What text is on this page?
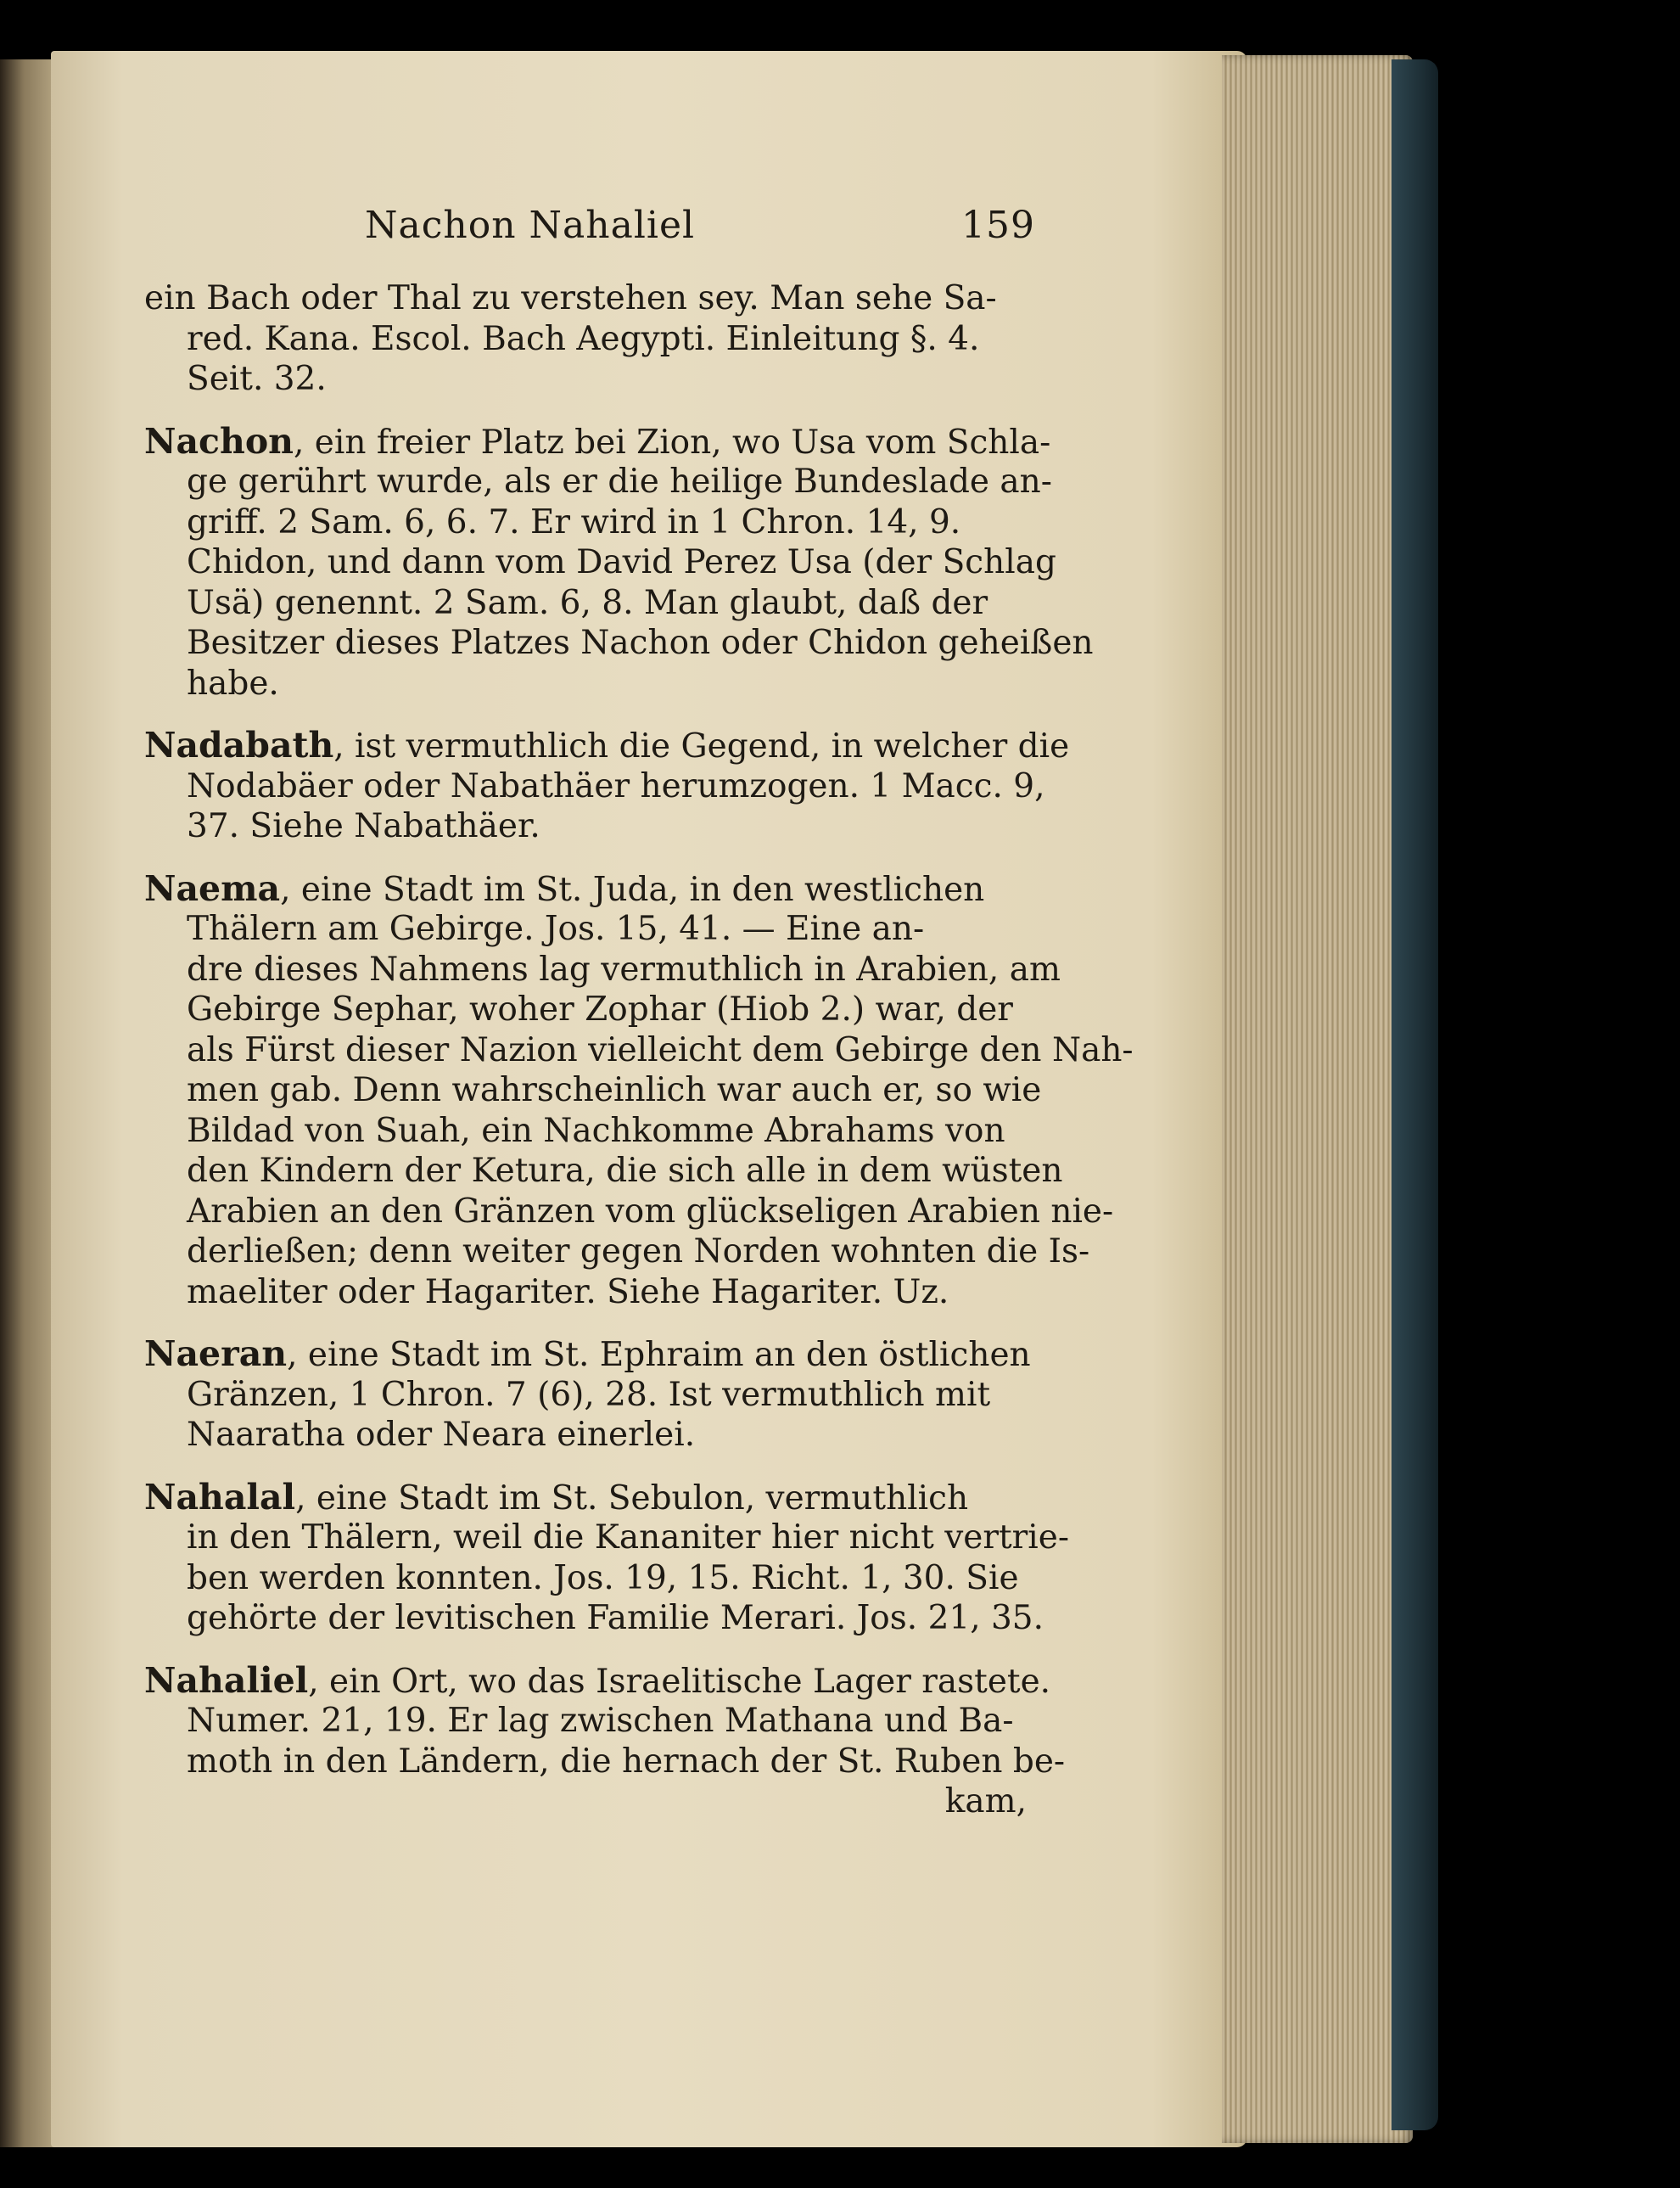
Nachon Nahaliel	159
ein Bach oder Thal zu verstehen sey. Man sehe Sa-
red. Kana. Escol. Bach Aegypti. Einleitung §. 4.
Seit. 32.
Nachon, ein freier Platz bei Zion, wo Usa vom Schla-
ge gerührt wurde, als er die heilige Bundeslade an-
griff. 2 Sam. 6, 6. 7. Er wird in 1 Chron. 14, 9.
Chidon, und dann vom David Perez Usa (der Schlag
Usä) genennt. 2 Sam. 6, 8. Man glaubt, daß der
Besitzer dieses Platzes Nachon oder Chidon geheißen
habe.
Nadabath, ist vermuthlich die Gegend, in welcher die
Nodabäer oder Nabathäer herumzogen. 1 Macc. 9,
37. Siehe Nabathäer.
Naema, eine Stadt im St. Juda, in den westlichen
Thälern am Gebirge. Jos. 15, 41. — Eine an-
dre dieses Nahmens lag vermuthlich in Arabien, am
Gebirge Sephar, woher Zophar (Hiob 2.) war, der
als Fürst dieser Nazion vielleicht dem Gebirge den Nah-
men gab. Denn wahrscheinlich war auch er, so wie
Bildad von Suah, ein Nachkomme Abrahams von
den Kindern der Ketura, die sich alle in dem wüsten
Arabien an den Gränzen vom glückseligen Arabien nie-
derließen; denn weiter gegen Norden wohnten die Is-
maeliter oder Hagariter. Siehe Hagariter. Uz.
Naeran, eine Stadt im St. Ephraim an den östlichen
Gränzen, 1 Chron. 7 (6), 28. Ist vermuthlich mit
Naaratha oder Neara einerlei.
Nahalal, eine Stadt im St. Sebulon, vermuthlich
in den Thälern, weil die Kananiter hier nicht vertrie-
ben werden konnten. Jos. 19, 15. Richt. 1, 30. Sie
gehörte der levitischen Familie Merari. Jos. 21, 35.
Nahaliel, ein Ort, wo das Israelitische Lager rastete.
Numer. 21, 19. Er lag zwischen Mathana und Ba-
moth in den Ländern, die hernach der St. Ruben be-
kam,
